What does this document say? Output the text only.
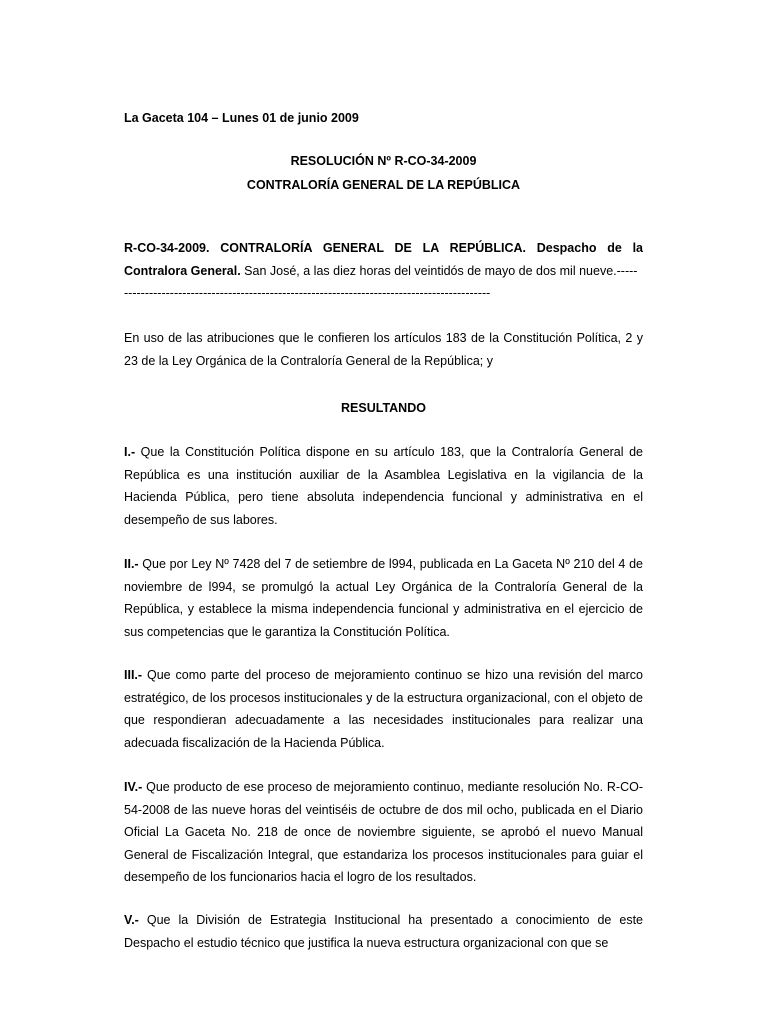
La Gaceta 104 – Lunes 01 de junio 2009
RESOLUCIÓN Nº R-CO-34-2009
CONTRALORÍA GENERAL DE LA REPÚBLICA
R-CO-34-2009. CONTRALORÍA GENERAL DE LA REPÚBLICA. Despacho de la Contralora General. San José, a las diez horas del veintidós de mayo de dos mil nueve.-----
----------------------------------------------------------------------------------------
En uso de las atribuciones que le confieren los artículos 183 de la Constitución Política, 2 y 23 de la Ley Orgánica de la Contraloría General de la República; y
RESULTANDO
I.- Que la Constitución Política dispone en su artículo 183, que la Contraloría General de República es una institución auxiliar de la Asamblea Legislativa en la vigilancia de la Hacienda Pública, pero tiene absoluta independencia funcional y administrativa en el desempeño de sus labores.
II.- Que por Ley Nº 7428 del 7 de setiembre de l994, publicada en La Gaceta Nº 210 del 4 de noviembre de l994, se promulgó la actual Ley Orgánica de la Contraloría General de la República, y establece la misma independencia funcional y administrativa en el ejercicio de sus competencias que le garantiza la Constitución Política.
III.- Que como parte del proceso de mejoramiento continuo se hizo una revisión del marco estratégico, de los procesos institucionales y de la estructura organizacional, con el objeto de que respondieran adecuadamente a las necesidades institucionales para realizar una adecuada fiscalización de la Hacienda Pública.
IV.- Que producto de ese proceso de mejoramiento continuo, mediante resolución No. R-CO-54-2008 de las nueve horas del veintiséis de octubre de dos mil ocho, publicada en el Diario Oficial La Gaceta No. 218 de once de noviembre siguiente, se aprobó el nuevo Manual General de Fiscalización Integral, que estandariza los procesos institucionales para guiar el desempeño de los funcionarios hacia el logro de los resultados.
V.- Que la División de Estrategia Institucional ha presentado a conocimiento de este Despacho el estudio técnico que justifica la nueva estructura organizacional con que se
